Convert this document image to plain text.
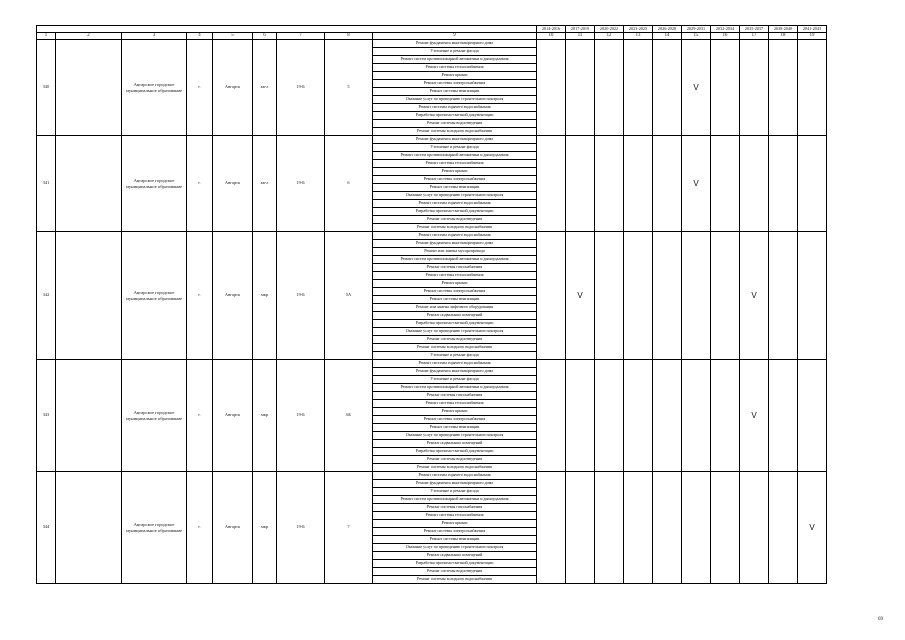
									2014-2016	2017-2019	2020-2022	2023-2025	2026-2028	2029-2031	2032-2034	2035-2037	2038-2040	2041-2043
1	2	3	4	5	6	7	8	9	10	11	12	13	14	15	16	17	18	19
340		Ангарское городское муниципальное образование	г.	Ангарск	кв-л	19-й	5	Ремонт фундамента многоквартирного дома						V				
								Утепление и ремонт фасада										
								Ремонт систем противопожарной автоматики и дымоудаления										
								Ремонт системы теплоснабжения										
								Ремонт крыши										
								Ремонт системы электроснабжения										
								Ремонт системы вентиляции										
								Оказание услуг по проведению строительного контроля										
								Ремонт системы горячего водоснабжения										
								Разработка проектно-сметной документации										
								Ремонт системы водоотведения										
								Ремонт системы холодного водоснабжения										
341		Ангарское городское муниципальное образование	г.	Ангарск	кв-л	19-й	6	Ремонт фундамента многоквартирного дома						V				
								Утепление и ремонт фасада										
								Ремонт систем противопожарной автоматики и дымоудаления										
								Ремонт системы теплоснабжения										
								Ремонт крыши										
								Ремонт системы электроснабжения										
								Ремонт системы вентиляции										
								Оказание услуг по проведению строительного контроля										
								Ремонт системы горячего водоснабжения										
								Разработка проектно-сметной документации										
								Ремонт системы водоотведения										
								Ремонт системы холодного водоснабжения										
342		Ангарское городское муниципальное образование	г.	Ангарск	мкр	19-й	5А	Ремонт системы горячего водоснабжения		V						V		
								Ремонт фундамента многоквартирного дома										
								Ремонт или замена мусоропровода										
								Ремонт систем противопожарной автоматики и дымоудаления										
								Ремонт системы газоснабжения										
								Ремонт системы теплоснабжения										
								Ремонт крыши										
								Ремонт системы электроснабжения										
								Ремонт системы вентиляции										
								Ремонт или замена лифтового оборудования										
								Ремонт подвальных помещений										
								Разработка проектно-сметной документации										
								Оказание услуг по проведению строительного контроля										
								Ремонт системы водоотведения										
								Ремонт системы холодного водоснабжения										
								Утепление и ремонт фасада										
343		Ангарское городское муниципальное образование	г.	Ангарск	мкр	19-й	6Б	Ремонт системы горячего водоснабжения								V		
								Ремонт фундамента многоквартирного дома										
								Утепление и ремонт фасада										
								Ремонт систем противопожарной автоматики и дымоудаления										
								Ремонт системы газоснабжения										
								Ремонт системы теплоснабжения										
								Ремонт крыши										
								Ремонт системы электроснабжения										
								Ремонт системы вентиляции										
								Оказание услуг по проведению строительного контроля										
								Ремонт подвальных помещений										
								Разработка проектно-сметной документации										
								Ремонт системы водоотведения										
								Ремонт системы холодного водоснабжения										
344		Ангарское городское муниципальное образование	г.	Ангарск	мкр	19-й	7	Ремонт системы горячего водоснабжения										V
								Ремонт фундамента многоквартирного дома										
								Утепление и ремонт фасада										
								Ремонт систем противопожарной автоматики и дымоудаления										
								Ремонт системы газоснабжения										
								Ремонт системы теплоснабжения										
								Ремонт крыши										
								Ремонт системы электроснабжения										
								Ремонт системы вентиляции										
								Оказание услуг по проведению строительного контроля										
								Ремонт подвальных помещений										
								Разработка проектно-сметной документации										
								Ремонт системы водоотведения										
								Ремонт системы холодного водоснабжения										
69
